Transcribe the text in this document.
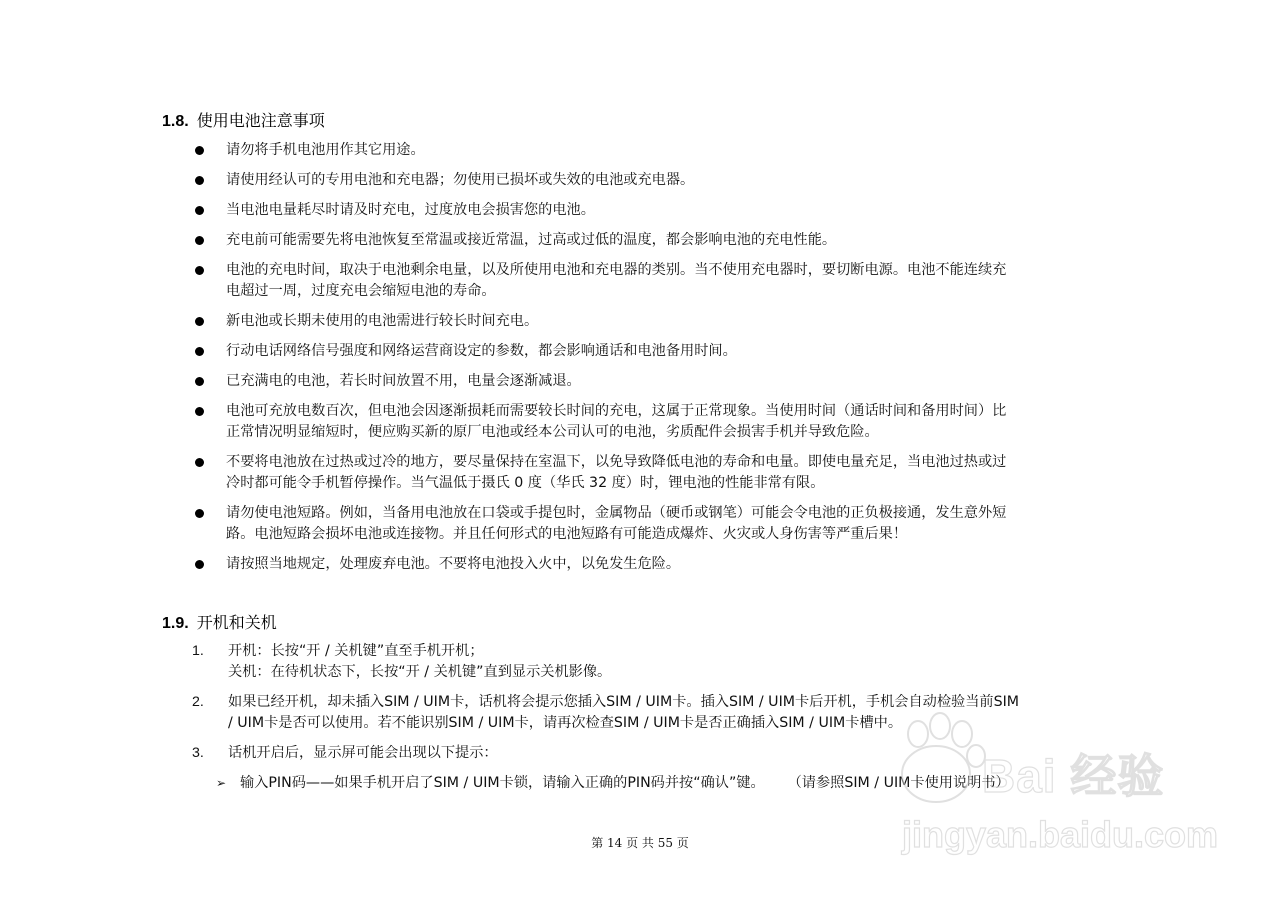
1.8. 使用电池注意事项
请勿将手机电池用作其它用途。
请使用经认可的专用电池和充电器；勿使用已损坏或失效的电池或充电器。
当电池电量耗尽时请及时充电，过度放电会损害您的电池。
充电前可能需要先将电池恢复至常温或接近常温，过高或过低的温度，都会影响电池的充电性能。
电池的充电时间，取决于电池剩余电量，以及所使用电池和充电器的类别。当不使用充电器时，要切断电源。电池不能连续充
电超过一周，过度充电会缩短电池的寿命。
新电池或长期未使用的电池需进行较长时间充电。
行动电话网络信号强度和网络运营商设定的参数，都会影响通话和电池备用时间。
已充满电的电池，若长时间放置不用，电量会逐渐减退。
电池可充放电数百次，但电池会因逐渐损耗而需要较长时间的充电，这属于正常现象。当使用时间（通话时间和备用时间）比
正常情况明显缩短时，便应购买新的原厂电池或经本公司认可的电池，劣质配件会损害手机并导致危险。
不要将电池放在过热或过冷的地方，要尽量保持在室温下，以免导致降低电池的寿命和电量。即使电量充足，当电池过热或过
冷时都可能令手机暂停操作。当气温低于摄氏 0 度（华氏 32 度）时，锂电池的性能非常有限。
请勿使电池短路。例如，当备用电池放在口袋或手提包时，金属物品（硬币或钢笔）可能会令电池的正负极接通，发生意外短
路。电池短路会损坏电池或连接物。并且任何形式的电池短路有可能造成爆炸、火灾或人身伤害等严重后果！
请按照当地规定，处理废弃电池。不要将电池投入火中，以免发生危险。
1.9. 开机和关机
1. 开机：长按“开 / 关机键”直至手机开机；
关机：在待机状态下，长按“开 / 关机键”直到显示关机影像。
2. 如果已经开机，却未插入SIM / UIM卡，话机将会提示您插入SIM / UIM卡。插入SIM / UIM卡后开机，手机会自动检验当前SIM
/ UIM卡是否可以使用。若不能识别SIM / UIM卡，请再次检查SIM / UIM卡是否正确插入SIM / UIM卡槽中。
3. 话机开启后，显示屏可能会出现以下提示：
➢ 输入PIN码——如果手机开启了SIM / UIM卡锁，请输入正确的PIN码并按“确认”键。 （请参照SIM / UIM卡使用说明书）
第 14 页 共 55 页
Bai 经验
jingyan.baidu.com
